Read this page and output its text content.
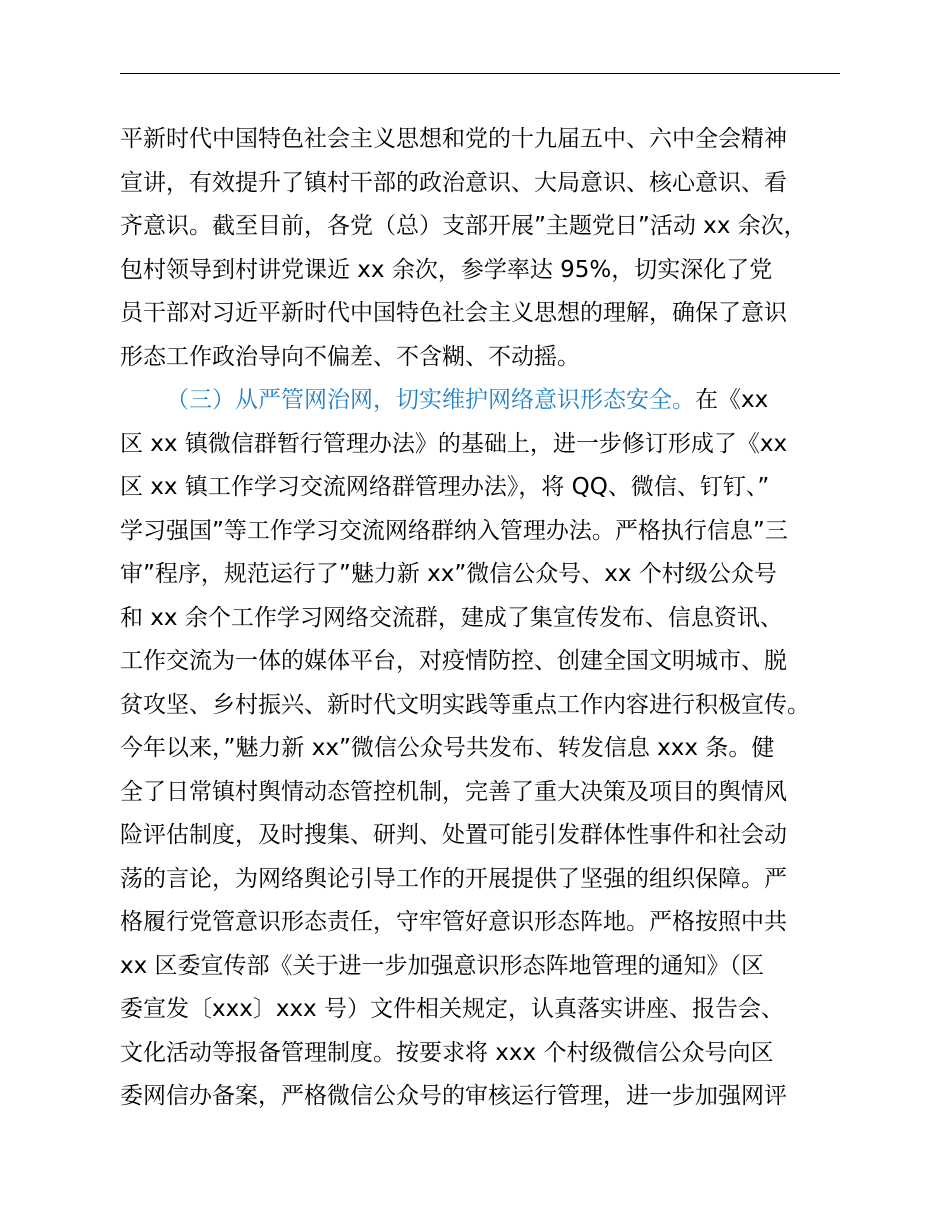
平新时代中国特色社会主义思想和党的十九届五中、六中全会精神
宣讲，有效提升了镇村干部的政治意识、大局意识、核心意识、看
齐意识。截至目前，各党（总）支部开展”主题党日”活动 xx 余次，
包村领导到村讲党课近 xx 余次，参学率达 95%，切实深化了党
员干部对习近平新时代中国特色社会主义思想的理解，确保了意识
形态工作政治导向不偏差、不含糊、不动摇。
（三）从严管网治网，切实维护网络意识形态安全。在《xx
区 xx 镇微信群暂行管理办法》的基础上，进一步修订形成了《xx
区 xx 镇工作学习交流网络群管理办法》，将 QQ、微信、钉钉、”
学习强国”等工作学习交流网络群纳入管理办法。严格执行信息”三
审”程序，规范运行了”魅力新 xx”微信公众号、xx 个村级公众号
和 xx 余个工作学习网络交流群，建成了集宣传发布、信息资讯、
工作交流为一体的媒体平台，对疫情防控、创建全国文明城市、脱
贫攻坚、乡村振兴、新时代文明实践等重点工作内容进行积极宣传。
今年以来，”魅力新 xx”微信公众号共发布、转发信息 xxx 条。健
全了日常镇村舆情动态管控机制，完善了重大决策及项目的舆情风
险评估制度，及时搜集、研判、处置可能引发群体性事件和社会动
荡的言论，为网络舆论引导工作的开展提供了坚强的组织保障。严
格履行党管意识形态责任，守牢管好意识形态阵地。严格按照中共
xx 区委宣传部《关于进一步加强意识形态阵地管理的通知》（区
委宣发〔xxx〕xxx 号）文件相关规定，认真落实讲座、报告会、
文化活动等报备管理制度。按要求将 xxx 个村级微信公众号向区
委网信办备案，严格微信公众号的审核运行管理，进一步加强网评
